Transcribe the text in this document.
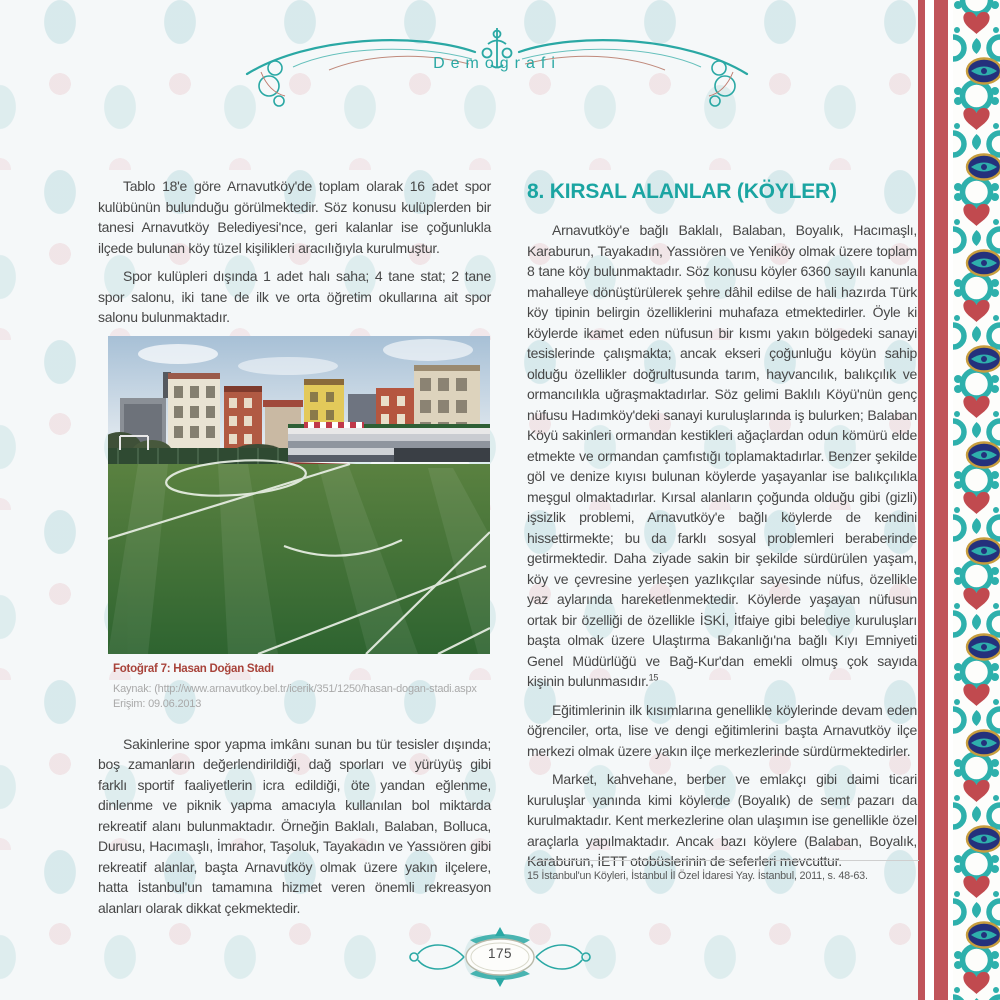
Demografi

Tablo 18'e göre Arnavutköy'de toplam olarak 16 adet spor kulübünün bulunduğu görülmektedir. Söz konusu kulüplerden bir tanesi Arnavutköy Belediyesi'nce, geri kalanlar ise çoğunlukla ilçede bulunan köy tüzel kişilikleri aracılığıyla kurulmuştur.

Spor kulüpleri dışında 1 adet halı saha; 4 tane stat; 2 tane spor salonu, iki tane de ilk ve orta öğretim okullarına ait spor salonu bulunmaktadır.

Fotoğraf 7: Hasan Doğan Stadı
Kaynak: (http://www.arnavutkoy.bel.tr/icerik/351/1250/hasan-dogan-stadi.aspx
Erişim: 09.06.2013

Sakinlerine spor yapma imkânı sunan bu tür tesisler dışında; boş zamanların değerlendirildiği, dağ sporları ve yürüyüş gibi farklı sportif faaliyetlerin icra edildiği, öte yandan eğlenme, dinlenme ve piknik yapma amacıyla kullanılan bol miktarda rekreatif alanı bulunmaktadır. Örneğin Baklalı, Balaban, Bolluca, Durusu, Hacımaşlı, İmrahor, Taşoluk, Tayakadın ve Yassıören gibi rekreatif alanlar, başta Arnavutköy olmak üzere yakın ilçelere, hatta İstanbul'un tamamına hizmet veren önemli rekreasyon alanları olarak dikkat çekmektedir.

8. KIRSAL ALANLAR (KÖYLER)

Arnavutköy'e bağlı Baklalı, Balaban, Boyalık, Hacımaşlı, Karaburun, Tayakadın, Yassıören ve Yeniköy olmak üzere toplam 8 tane köy bulunmaktadır. Söz konusu köyler 6360 sayılı kanunla mahalleye dönüştürülerek şehre dâhil edilse de hali hazırda Türk köy tipinin belirgin özelliklerini muhafaza etmektedirler. Öyle ki köylerde ikamet eden nüfusun bir kısmı yakın bölgedeki sanayi tesislerinde çalışmakta; ancak ekseri çoğunluğu köyün sahip olduğu özellikler doğrultusunda tarım, hayvancılık, balıkçılık ve ormancılıkla uğraşmaktadırlar. Söz gelimi Baklılı Köyü'nün genç nüfusu Hadımköy'deki sanayi kuruluşlarında iş bulurken; Balaban Köyü sakinleri ormandan kestikleri ağaçlardan odun kömürü elde etmekte ve ormandan çamfıstığı toplamaktadırlar. Benzer şekilde göl ve denize kıyısı bulunan köylerde yaşayanlar ise balıkçılıkla meşgul olmaktadırlar. Kırsal alanların çoğunda olduğu gibi (gizli) işsizlik problemi, Arnavutköy'e bağlı köylerde de kendini hissettirmekte; bu da farklı sosyal problemleri beraberinde getirmektedir. Daha ziyade sakin bir şekilde sürdürülen yaşam, köy ve çevresine yerleşen yazlıkçılar sayesinde nüfus, özellikle yaz aylarında hareketlenmektedir. Köylerde yaşayan nüfusun ortak bir özelliği de özellikle İSKİ, İtfaiye gibi belediye kuruluşları başta olmak üzere Ulaştırma Bakanlığı'na bağlı Kıyı Emniyeti Genel Müdürlüğü ve Bağ-Kur'dan emekli olmuş çok sayıda kişinin bulunmasıdır.$^{15}$

Eğitimlerinin ilk kısımlarına genellikle köylerinde devam eden öğrenciler, orta, lise ve dengi eğitimlerini başta Arnavutköy ilçe merkezi olmak üzere yakın ilçe merkezlerinde sürdürmektedirler.

Market, kahvehane, berber ve emlakçı gibi daimi ticari kuruluşlar yanında kimi köylerde (Boyalık) de semt pazarı da kurulmaktadır. Kent merkezlerine olan ulaşımın ise genellikle özel araçlarla yapılmaktadır. Ancak bazı köylere (Balaban, Boyalık, Karaburun, İETT otobüslerinin de seferleri mevcuttur.

15 İstanbul'un Köyleri, İstanbul İl Özel İdaresi Yay. İstanbul, 2011, s. 48-63.
175
